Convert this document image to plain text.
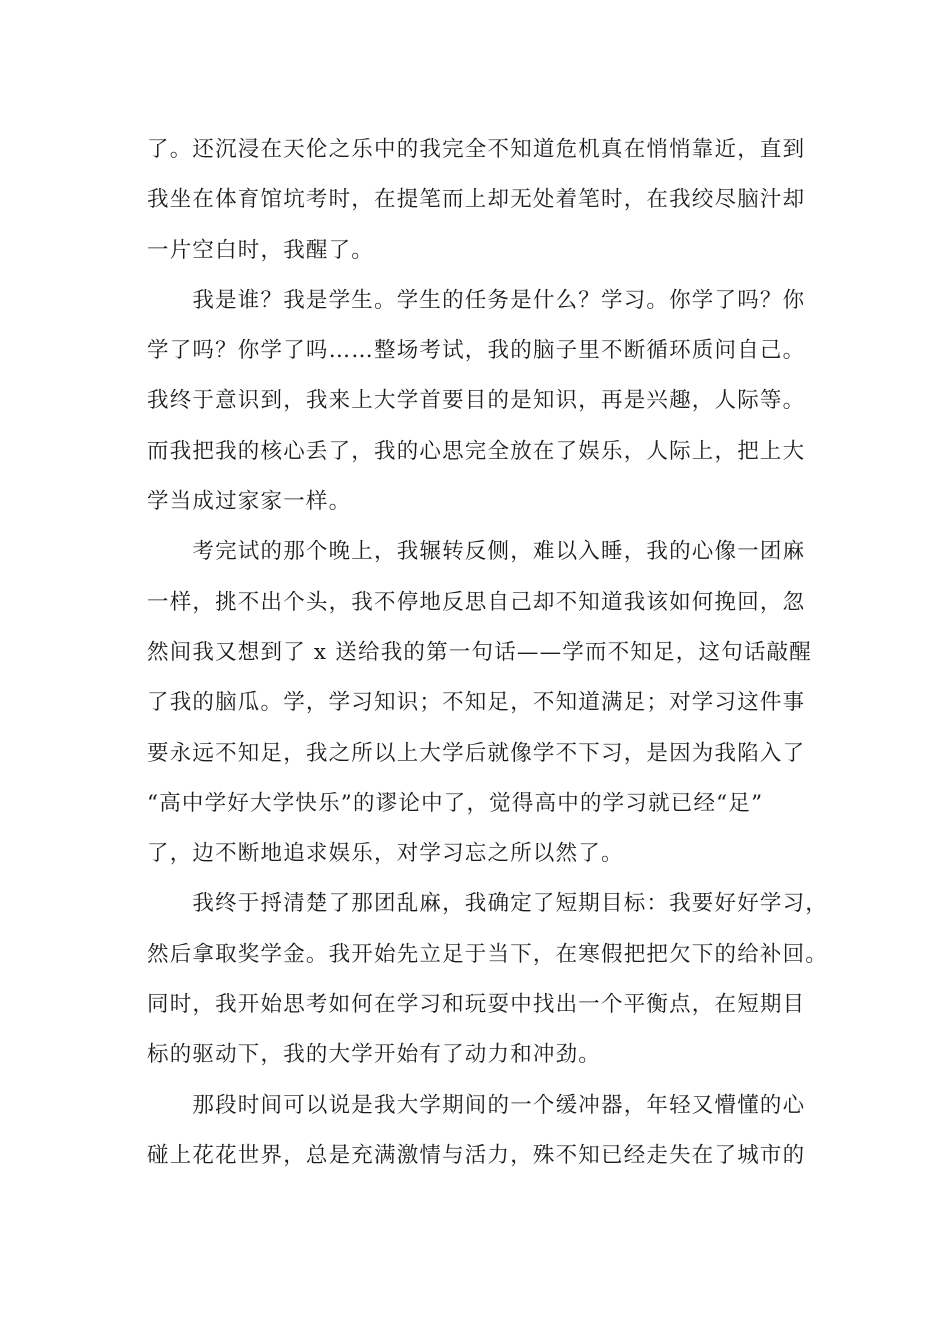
了。还沉浸在天伦之乐中的我完全不知道危机真在悄悄靠近，直到
我坐在体育馆坑考时，在提笔而上却无处着笔时，在我绞尽脑汁却
一片空白时，我醒了。
　　我是谁？我是学生。学生的任务是什么？学习。你学了吗？你
学了吗？你学了吗……整场考试，我的脑子里不断循环质问自己。
我终于意识到，我来上大学首要目的是知识，再是兴趣，人际等。
而我把我的核心丢了，我的心思完全放在了娱乐，人际上，把上大
学当成过家家一样。
　　考完试的那个晚上，我辗转反侧，难以入睡，我的心像一团麻
一样，挑不出个头，我不停地反思自己却不知道我该如何挽回，忽
然间我又想到了 x 送给我的第一句话——学而不知足，这句话敲醒
了我的脑瓜。学，学习知识；不知足，不知道满足；对学习这件事
要永远不知足，我之所以上大学后就像学不下习，是因为我陷入了
“高中学好大学快乐”的谬论中了，觉得高中的学习就已经“足”
了，边不断地追求娱乐，对学习忘之所以然了。
　　我终于捋清楚了那团乱麻，我确定了短期目标：我要好好学习，
然后拿取奖学金。我开始先立足于当下，在寒假把把欠下的给补回。
同时，我开始思考如何在学习和玩耍中找出一个平衡点，在短期目
标的驱动下，我的大学开始有了动力和冲劲。
　　那段时间可以说是我大学期间的一个缓冲器，年轻又懵懂的心
碰上花花世界，总是充满激情与活力，殊不知已经走失在了城市的
